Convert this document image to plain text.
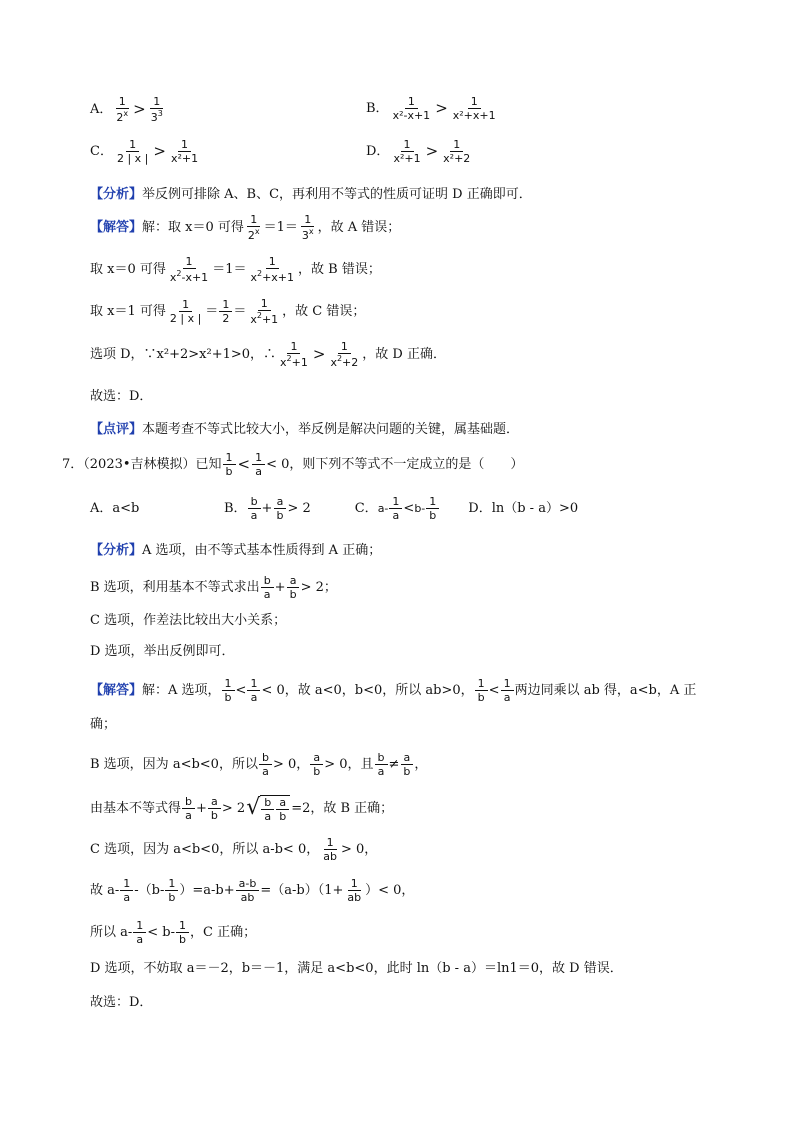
A． $\frac{1}{2^x} > \frac{1}{3^3}$	B． $\frac{1}{\text{x²-x+1}} > \frac{1}{\text{x²+x+1}}$
C． $\frac{1}{2 | x |} > \frac{1}{\text{x²+1}}$	D． $\frac{1}{\text{x²+1}} > \frac{1}{\text{x²+2}}$
【分析】 举反例可排除 A、B、C，再利用不等式的性质可证明 D 正确即可．
【解答】 解：取 x＝0 可得 $\frac{1}{2^x} =1= \frac{1}{3^x}$ ，故 A 错误；
取 x＝0 可得 $\frac{1}{x^2-x+1} =1= \frac{1}{x^2+x+1}$ ，故 B 错误；
取 x＝1 可得 $\frac{1}{2 | x |} = \frac{1}{2} = \frac{1}{x^2+1}$ ，故 C 错误；
选项 D，∵x²+2>x²+1>0，∴ $\frac{1}{x^2+1} > \frac{1}{x^2+2}$ ，故 D 正确．
故选：D．
【点评】 本题考查不等式比较大小，举反例是解决问题的关键，属基础题．
7．（2023•吉林模拟）已知 $\frac{1}{b} < \frac{1}{a} < 0$ ，则下列不等式不一定成立的是（　　）
A．a<b	B． $\frac{b}{a} + \frac{a}{b} > 2$	C． $a- \frac{1}{a} < b- \frac{1}{b}$ D．ln（b - a）>0
【分析】 A 选项，由不等式基本性质得到 A 正确；
B 选项，利用基本不等式求出 $\frac{b}{a} + \frac{a}{b} > 2$；
C 选项，作差法比较出大小关系；
D 选项，举出反例即可．
【解答】 解：A 选项， $\frac{1}{b} < \frac{1}{a} < 0$ ，故 a<0，b<0，所以 ab>0， $\frac{1}{b} < \frac{1}{a}$ 两边同乘以 ab 得，a<b，A 正
确；
B 选项，因为 a<b<0，所以 $\frac{b}{a} > 0$， $\frac{a}{b} > 0$，且 $\frac{b}{a} \ne \frac{a}{b}$ ，
由基本不等式得 $\frac{b}{a} + \frac{a}{b} > 2$ √ $\frac{b}{a} \frac{a}{b} =2$，故 B 正确；
C 选项，因为 a<b<0，所以 a-b< 0， $\frac{1}{ab} > 0$，
故 $a- \frac{1}{a} -(b- \frac{1}{b} )=a-b+ \frac{a-b}{ab} =(a-b)(1+ \frac{1}{ab}$ ）< 0，
所以 $a- \frac{1}{a} < b- \frac{1}{b}$ ，C 正确；
D 选项，不妨取 a＝－2，b＝－1，满足 a<b<0，此时 ln（b - a）＝ln1＝0，故 D 错误．
故选：D．
